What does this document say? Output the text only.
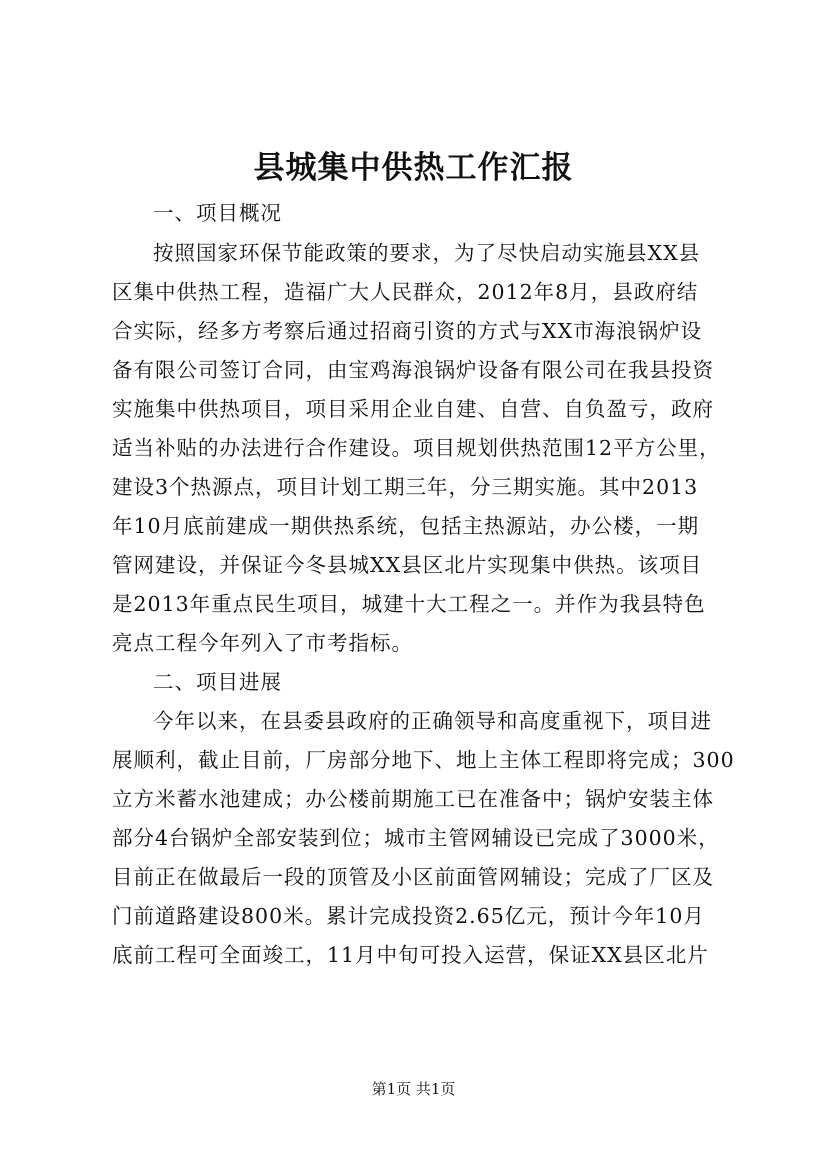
县城集中供热工作汇报
一、项目概况
按照国家环保节能政策的要求，为了尽快启动实施县XX县
区集中供热工程，造福广大人民群众，2012年8月，县政府结
合实际，经多方考察后通过招商引资的方式与XX市海浪锅炉设
备有限公司签订合同，由宝鸡海浪锅炉设备有限公司在我县投资
实施集中供热项目，项目采用企业自建、自营、自负盈亏，政府
适当补贴的办法进行合作建设。项目规划供热范围12平方公里，
建设3个热源点，项目计划工期三年，分三期实施。其中2013
年10月底前建成一期供热系统，包括主热源站，办公楼，一期
管网建设，并保证今冬县城XX县区北片实现集中供热。该项目
是2013年重点民生项目，城建十大工程之一。并作为我县特色
亮点工程今年列入了市考指标。
二、项目进展
今年以来，在县委县政府的正确领导和高度重视下，项目进
展顺利，截止目前，厂房部分地下、地上主体工程即将完成；300
立方米蓄水池建成；办公楼前期施工已在准备中；锅炉安装主体
部分4台锅炉全部安装到位；城市主管网辅设已完成了3000米，
目前正在做最后一段的顶管及小区前面管网辅设；完成了厂区及
门前道路建设800米。累计完成投资2.65亿元，预计今年10月
底前工程可全面竣工，11月中旬可投入运营，保证XX县区北片
第1页 共1页
